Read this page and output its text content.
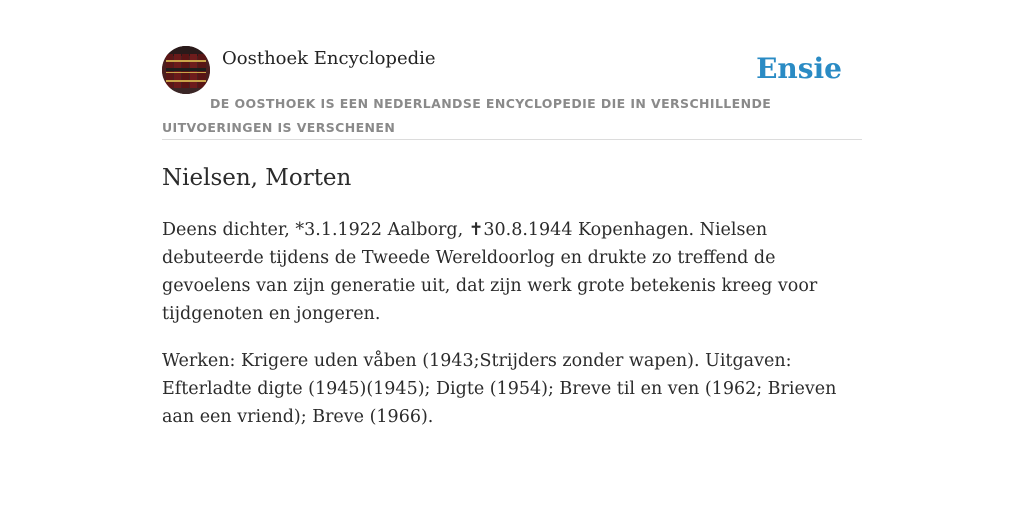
Oosthoek Encyclopedie	Ensie
DE OOSTHOEK IS EEN NEDERLANDSE ENCYCLOPEDIE DIE IN VERSCHILLENDE UITVOERINGEN IS VERSCHENEN
Nielsen, Morten

Deens dichter, *3.1.1922 Aalborg, ✝30.8.1944 Kopenhagen. Nielsen debuteerde tijdens de Tweede Wereldoorlog en drukte zo treffend de gevoelens van zijn generatie uit, dat zijn werk grote betekenis kreeg voor tijdgenoten en jongeren.

Werken: Krigere uden våben (1943;Strijders zonder wapen). Uitgaven: Efterladte digte (1945)(1945); Digte (1954); Breve til en ven (1962; Brieven aan een vriend); Breve (1966).
